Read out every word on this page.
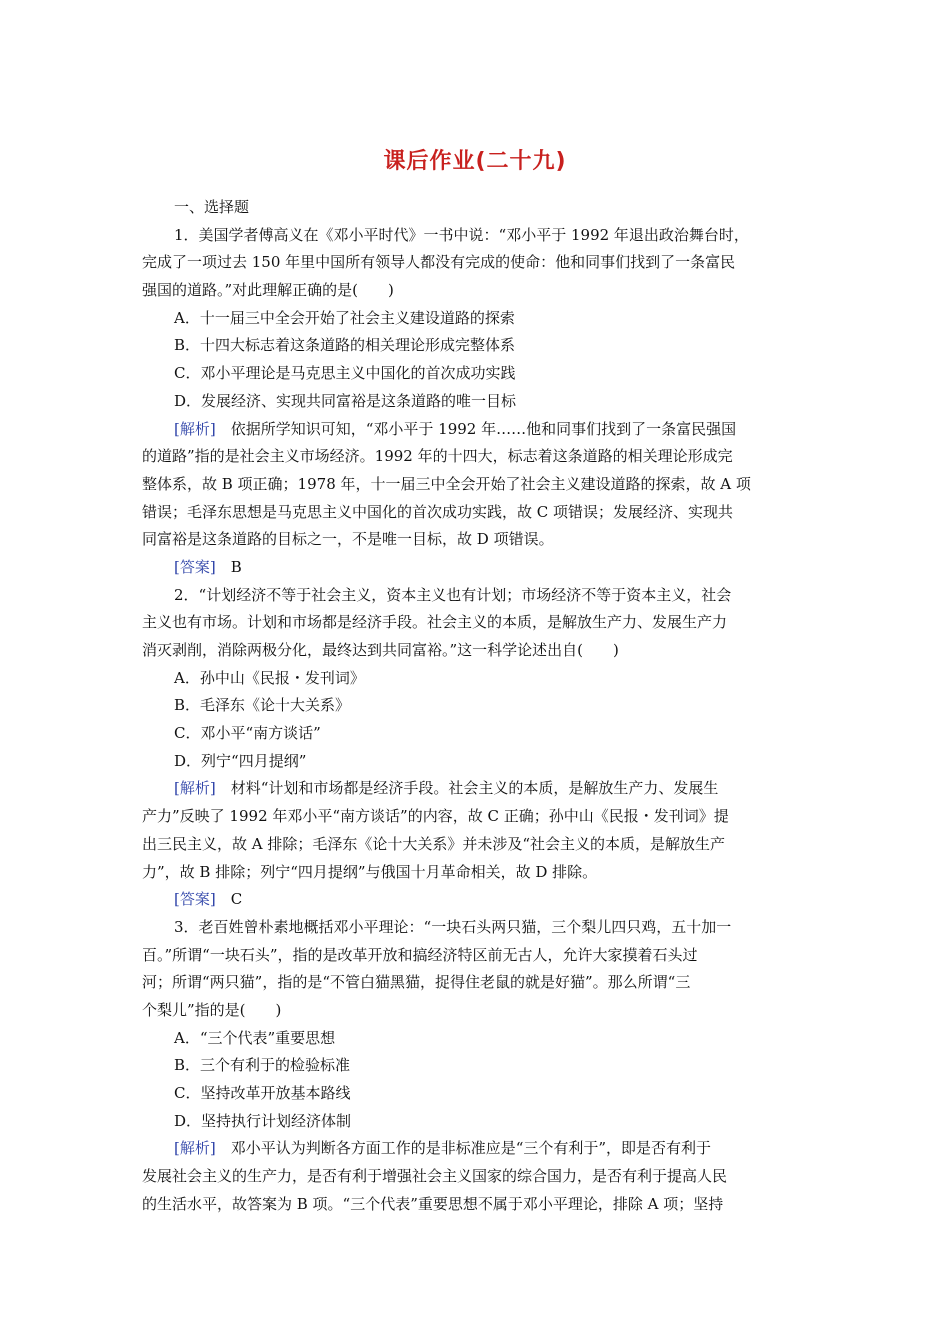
课后作业(二十九)
一、选择题
1．美国学者傅高义在《邓小平时代》一书中说：“邓小平于 1992 年退出政治舞台时，
完成了一项过去 150 年里中国所有领导人都没有完成的使命：他和同事们找到了一条富民
强国的道路。”对此理解正确的是(　　)
A．十一届三中全会开始了社会主义建设道路的探索
B．十四大标志着这条道路的相关理论形成完整体系
C．邓小平理论是马克思主义中国化的首次成功实践
D．发展经济、实现共同富裕是这条道路的唯一目标
[解析]　依据所学知识可知，“邓小平于 1992 年……他和同事们找到了一条富民强国
的道路”指的是社会主义市场经济。1992 年的十四大，标志着这条道路的相关理论形成完
整体系，故 B 项正确；1978 年，十一届三中全会开始了社会主义建设道路的探索，故 A 项
错误；毛泽东思想是马克思主义中国化的首次成功实践，故 C 项错误；发展经济、实现共
同富裕是这条道路的目标之一，不是唯一目标，故 D 项错误。
[答案]　B
2．“计划经济不等于社会主义，资本主义也有计划；市场经济不等于资本主义，社会
主义也有市场。计划和市场都是经济手段。社会主义的本质，是解放生产力、发展生产力
消灭剥削，消除两极分化，最终达到共同富裕。”这一科学论述出自(　　)
A．孙中山《民报・发刊词》
B．毛泽东《论十大关系》
C．邓小平“南方谈话”
D．列宁“四月提纲”
[解析]　材料“计划和市场都是经济手段。社会主义的本质，是解放生产力、发展生
产力”反映了 1992 年邓小平“南方谈话”的内容，故 C 正确；孙中山《民报・发刊词》提
出三民主义，故 A 排除；毛泽东《论十大关系》并未涉及“社会主义的本质，是解放生产
力”，故 B 排除；列宁“四月提纲”与俄国十月革命相关，故 D 排除。
[答案]　C
3．老百姓曾朴素地概括邓小平理论：“一块石头两只猫，三个梨儿四只鸡，五十加一
百。”所谓“一块石头”，指的是改革开放和搞经济特区前无古人，允许大家摸着石头过
河；所谓“两只猫”，指的是“不管白猫黑猫，捉得住老鼠的就是好猫”。那么所谓“三
个梨儿”指的是(　　)
A．“三个代表”重要思想
B．三个有利于的检验标准
C．坚持改革开放基本路线
D．坚持执行计划经济体制
[解析]　邓小平认为判断各方面工作的是非标准应是“三个有利于”，即是否有利于
发展社会主义的生产力，是否有利于增强社会主义国家的综合国力，是否有利于提高人民
的生活水平，故答案为 B 项。“三个代表”重要思想不属于邓小平理论，排除 A 项；坚持
